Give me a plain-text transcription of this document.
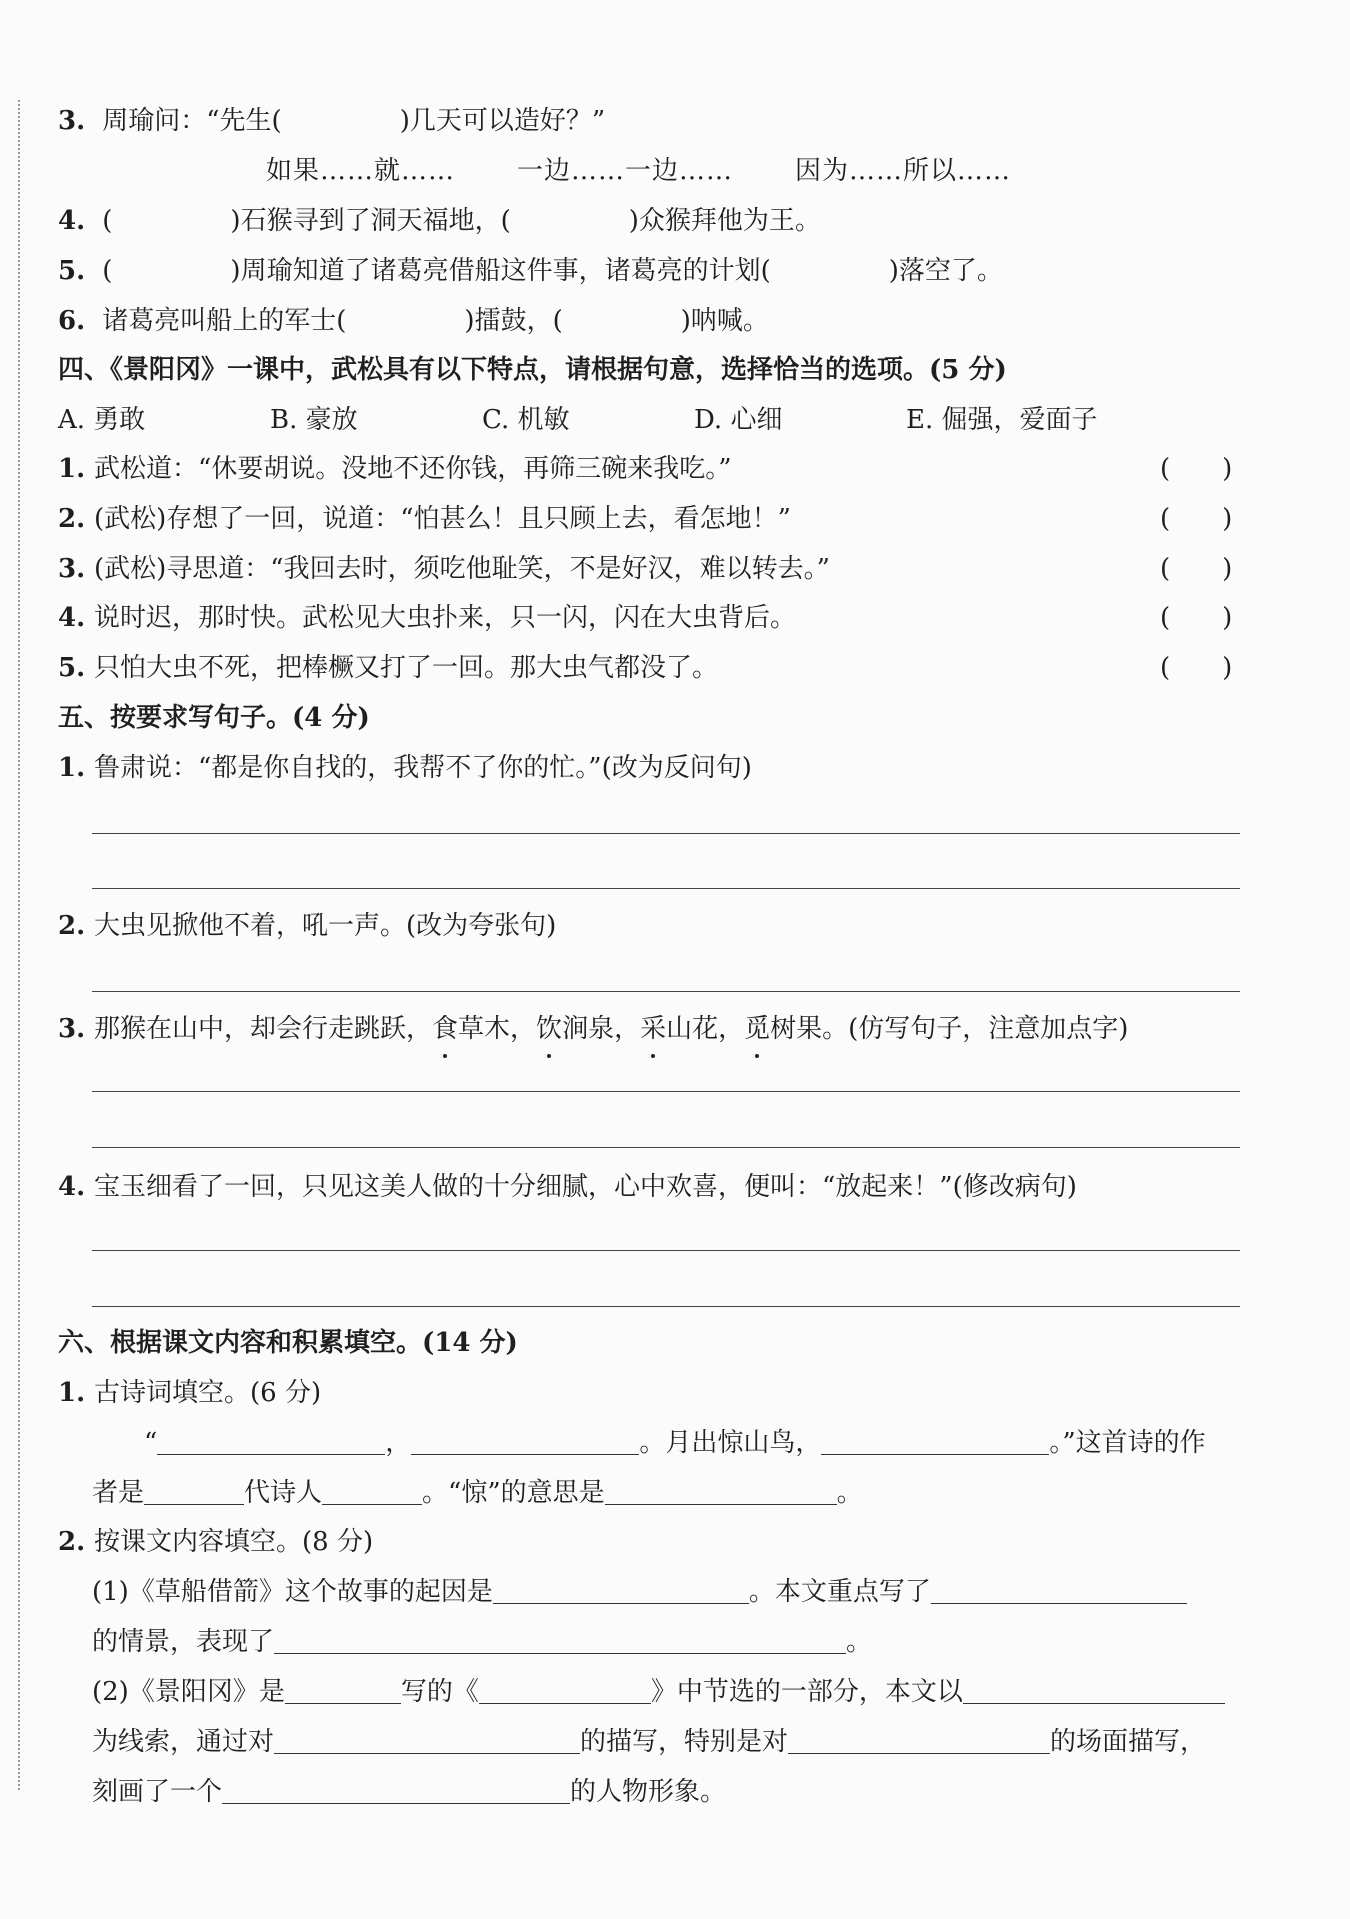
3. 周瑜问：“先生(	)几天可以造好？”
如果……就…… 一边……一边…… 因为……所以……
4. (	)石猴寻到了洞天福地，(	)众猴拜他为王。
5. (	)周瑜知道了诸葛亮借船这件事，诸葛亮的计划(	)落空了。
6. 诸葛亮叫船上的军士(	)擂鼓，(	)呐喊。
四、《景阳冈》一课中，武松具有以下特点，请根据句意，选择恰当的选项。(5 分)
A. 勇敢	B. 豪放	C. 机敏	D. 心细	E. 倔强，爱面子
1. 武松道：“休要胡说。没地不还你钱，再筛三碗来我吃。”	(　　)
2. (武松)存想了一回，说道：“怕甚么！且只顾上去，看怎地！”	(　　)
3. (武松)寻思道：“我回去时，须吃他耻笑，不是好汉，难以转去。”	(　　)
4. 说时迟，那时快。武松见大虫扑来，只一闪，闪在大虫背后。	(　　)
5. 只怕大虫不死，把棒橛又打了一回。那大虫气都没了。	(　　)
五、按要求写句子。(4 分)
1. 鲁肃说：“都是你自找的，我帮不了你的忙。”(改为反问句)
2. 大虫见掀他不着，吼一声。(改为夸张句)
3. 那猴在山中，却会行走跳跃，食草木，饮涧泉，采山花，觅树果。(仿写句子，注意加点字)
4. 宝玉细看了一回，只见这美人做的十分细腻，心中欢喜，便叫：“放起来！”(修改病句)
六、根据课文内容和积累填空。(14 分)
1. 古诗词填空。(6 分)
“	，	。月出惊山鸟，	。”这首诗的作
者是	代诗人	。“惊”的意思是	。
2. 按课文内容填空。(8 分)
(1)《草船借箭》这个故事的起因是	。本文重点写了
的情景，表现了	。
(2)《景阳冈》是	写的《	》中节选的一部分，本文以
为线索，通过对	的描写，特别是对	的场面描写，
刻画了一个	的人物形象。
